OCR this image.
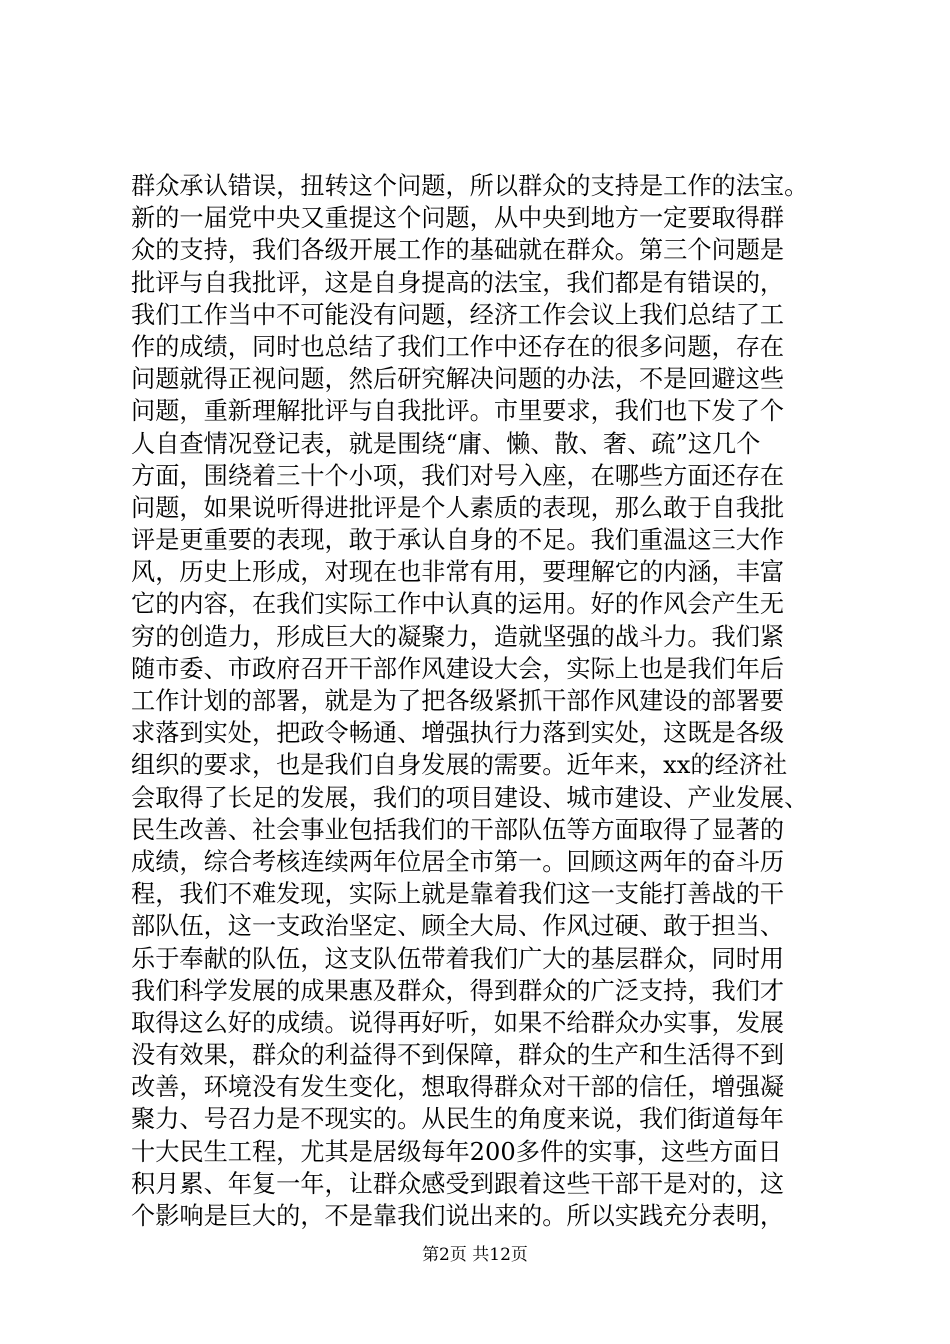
群众承认错误，扭转这个问题，所以群众的支持是工作的法宝。
新的一届党中央又重提这个问题，从中央到地方一定要取得群
众的支持，我们各级开展工作的基础就在群众。第三个问题是
批评与自我批评，这是自身提高的法宝，我们都是有错误的，
我们工作当中不可能没有问题，经济工作会议上我们总结了工
作的成绩，同时也总结了我们工作中还存在的很多问题，存在
问题就得正视问题，然后研究解决问题的办法，不是回避这些
问题，重新理解批评与自我批评。市里要求，我们也下发了个
人自查情况登记表，就是围绕“庸、懒、散、奢、疏”这几个
方面，围绕着三十个小项，我们对号入座，在哪些方面还存在
问题，如果说听得进批评是个人素质的表现，那么敢于自我批
评是更重要的表现，敢于承认自身的不足。我们重温这三大作
风，历史上形成，对现在也非常有用，要理解它的内涵，丰富
它的内容，在我们实际工作中认真的运用。好的作风会产生无
穷的创造力，形成巨大的凝聚力，造就坚强的战斗力。我们紧
随市委、市政府召开干部作风建设大会，实际上也是我们年后
工作计划的部署，就是为了把各级紧抓干部作风建设的部署要
求落到实处，把政令畅通、增强执行力落到实处，这既是各级
组织的要求，也是我们自身发展的需要。近年来，xx的经济社
会取得了长足的发展，我们的项目建设、城市建设、产业发展、
民生改善、社会事业包括我们的干部队伍等方面取得了显著的
成绩，综合考核连续两年位居全市第一。回顾这两年的奋斗历
程，我们不难发现，实际上就是靠着我们这一支能打善战的干
部队伍，这一支政治坚定、顾全大局、作风过硬、敢于担当、
乐于奉献的队伍，这支队伍带着我们广大的基层群众，同时用
我们科学发展的成果惠及群众，得到群众的广泛支持，我们才
取得这么好的成绩。说得再好听，如果不给群众办实事，发展
没有效果，群众的利益得不到保障，群众的生产和生活得不到
改善，环境没有发生变化，想取得群众对干部的信任，增强凝
聚力、号召力是不现实的。从民生的角度来说，我们街道每年
十大民生工程，尤其是居级每年200多件的实事，这些方面日
积月累、年复一年，让群众感受到跟着这些干部干是对的，这
个影响是巨大的，不是靠我们说出来的。所以实践充分表明，
第2页 共12页
